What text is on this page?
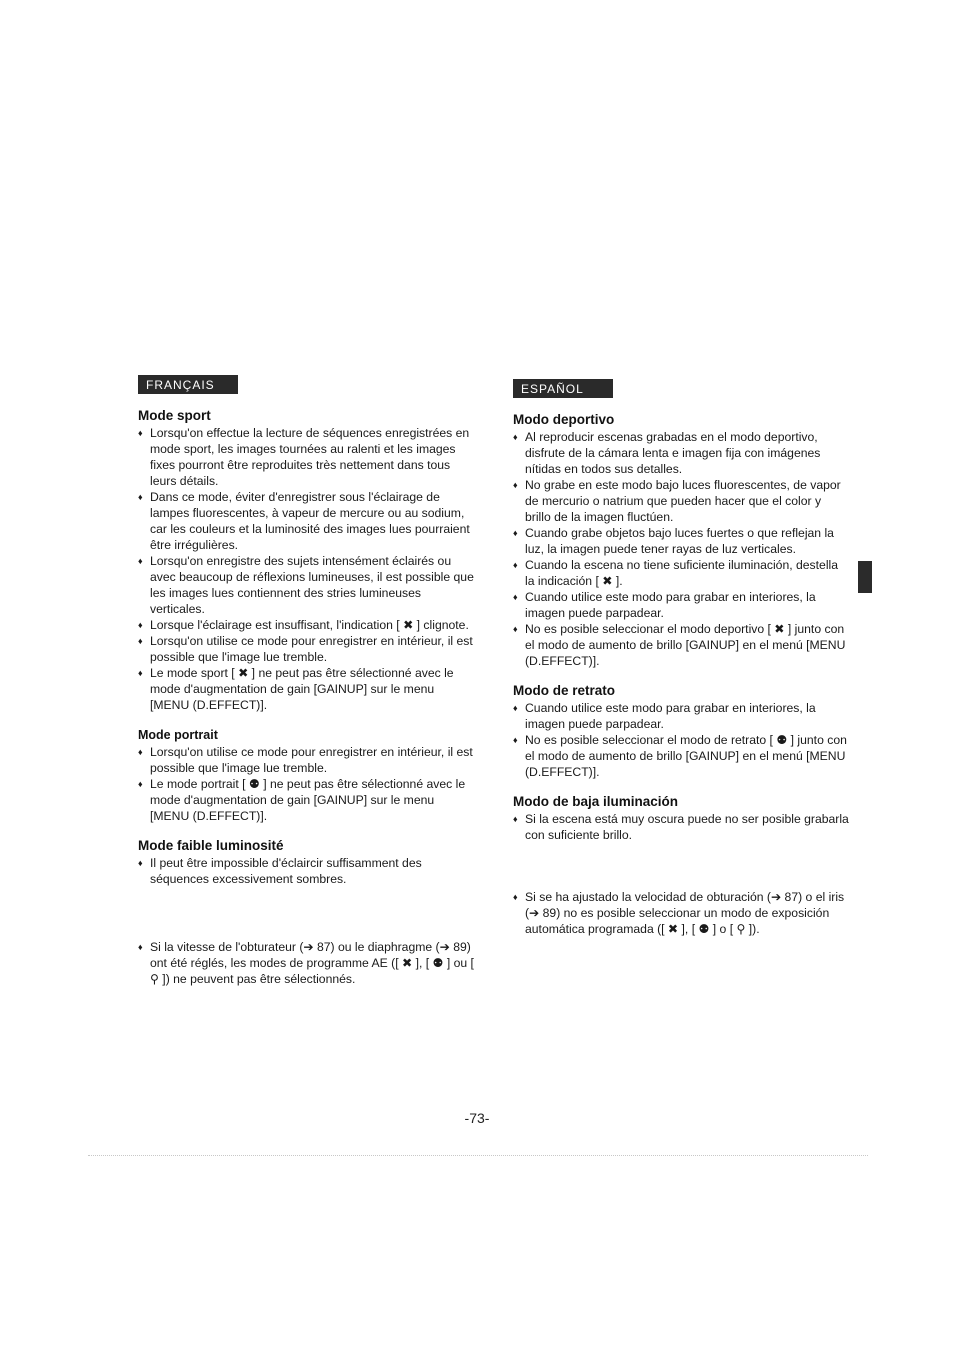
FRANÇAIS
Mode sport
♦ Lorsqu'on effectue la lecture de séquences enregistrées en mode sport, les images tournées au ralenti et les images fixes pourront être reproduites très nettement dans tous leurs détails.
♦ Dans ce mode, éviter d'enregistrer sous l'éclairage de lampes fluorescentes, à vapeur de mercure ou au sodium, car les couleurs et la luminosité des images lues pourraient être irrégulières.
♦ Lorsqu'on enregistre des sujets intensément éclairés ou avec beaucoup de réflexions lumineuses, il est possible que les images lues contiennent des stries lumineuses verticales.
♦ Lorsque l'éclairage est insuffisant, l'indication [ ✖ ] clignote.
♦ Lorsqu'on utilise ce mode pour enregistrer en intérieur, il est possible que l'image lue tremble.
♦ Le mode sport [ ✖ ] ne peut pas être sélectionné avec le mode d'augmentation de gain [GAINUP] sur le menu [MENU (D.EFFECT)].
Mode portrait
♦ Lorsqu'on utilise ce mode pour enregistrer en intérieur, il est possible que l'image lue tremble.
♦ Le mode portrait [ ⚉ ] ne peut pas être sélectionné avec le mode d'augmentation de gain [GAINUP] sur le menu [MENU (D.EFFECT)].
Mode faible luminosité
♦ Il peut être impossible d'éclaircir suffisamment des séquences excessivement sombres.
♦ Si la vitesse de l'obturateur (➔ 87) ou le diaphragme (➔ 89) ont été réglés, les modes de programme AE ([ ✖ ], [ ⚉ ] ou [ ⚲ ]) ne peuvent pas être sélectionnés.
ESPAÑOL
Modo deportivo
♦ Al reproducir escenas grabadas en el modo deportivo, disfrute de la cámara lenta e imagen fija con imágenes nítidas en todos sus detalles.
♦ No grabe en este modo bajo luces fluorescentes, de vapor de mercurio o natrium que pueden hacer que el color y brillo de la imagen fluctúen.
♦ Cuando grabe objetos bajo luces fuertes o que reflejan la luz, la imagen puede tener rayas de luz verticales.
♦ Cuando la escena no tiene suficiente iluminación, destella la indicación [ ✖ ].
♦ Cuando utilice este modo para grabar en interiores, la imagen puede parpadear.
♦ No es posible seleccionar el modo deportivo [ ✖ ] junto con el modo de aumento de brillo [GAINUP] en el menú [MENU (D.EFFECT)].
Modo de retrato
♦ Cuando utilice este modo para grabar en interiores, la imagen puede parpadear.
♦ No es posible seleccionar el modo de retrato [ ⚉ ] junto con el modo de aumento de brillo [GAINUP] en el menú [MENU (D.EFFECT)].
Modo de baja iluminación
♦ Si la escena está muy oscura puede no ser posible grabarla con suficiente brillo.
♦ Si se ha ajustado la velocidad de obturación (➔ 87) o el iris (➔ 89) no es posible seleccionar un modo de exposición automática programada ([ ✖ ], [ ⚉ ] o [ ⚲ ]).
-73-
